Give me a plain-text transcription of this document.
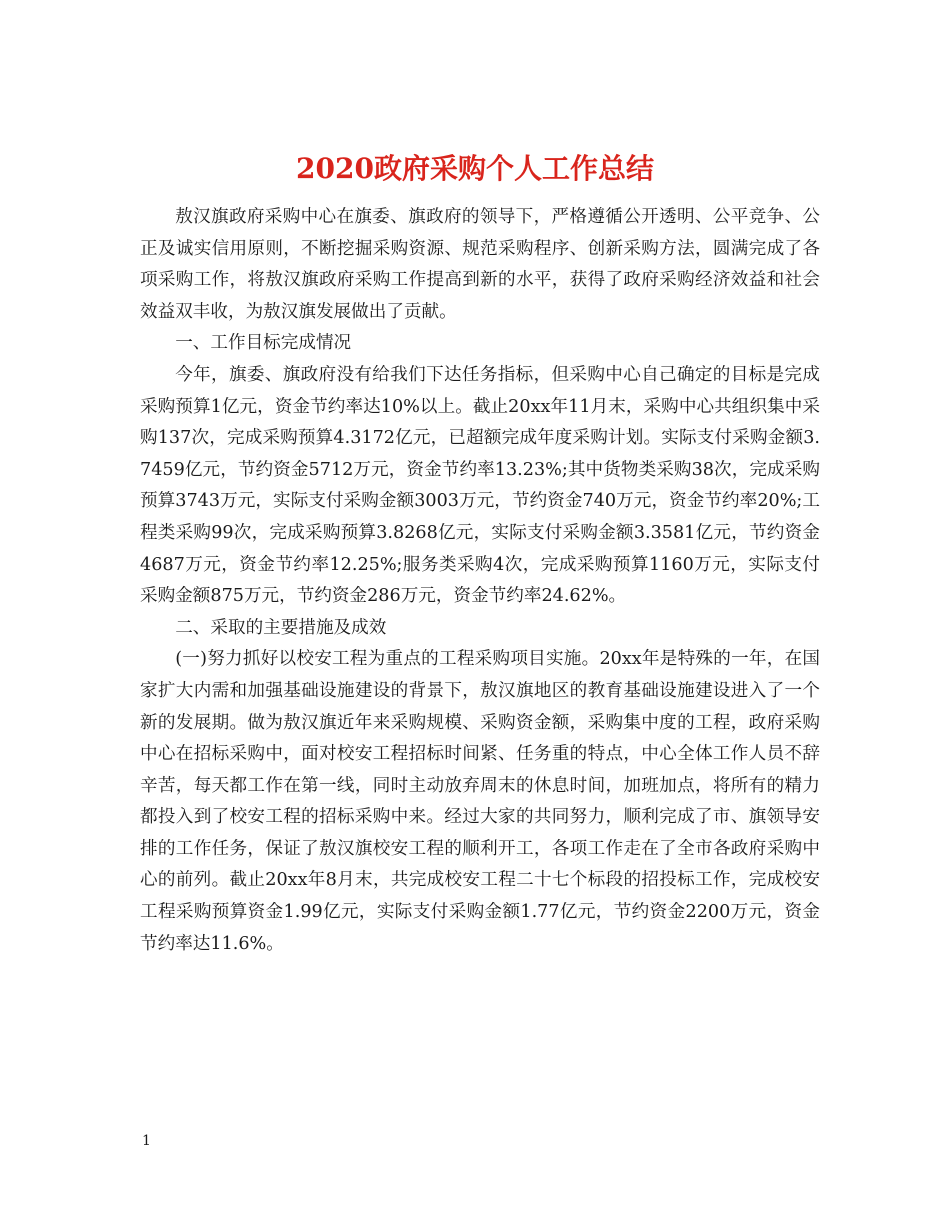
2020政府采购个人工作总结

敖汉旗政府采购中心在旗委、旗政府的领导下，严格遵循公开透明、公平竞争、公正及诚实信用原则，不断挖掘采购资源、规范采购程序、创新采购方法，圆满完成了各项采购工作，将敖汉旗政府采购工作提高到新的水平，获得了政府采购经济效益和社会效益双丰收，为敖汉旗发展做出了贡献。

一、工作目标完成情况

今年，旗委、旗政府没有给我们下达任务指标，但采购中心自己确定的目标是完成采购预算1亿元，资金节约率达10%以上。截止20xx年11月末，采购中心共组织集中采购137次，完成采购预算4.3172亿元，已超额完成年度采购计划。实际支付采购金额3.7459亿元，节约资金5712万元，资金节约率13.23%;其中货物类采购38次，完成采购预算3743万元，实际支付采购金额3003万元，节约资金740万元，资金节约率20%;工程类采购99次，完成采购预算3.8268亿元，实际支付采购金额3.3581亿元，节约资金4687万元，资金节约率12.25%;服务类采购4次，完成采购预算1160万元，实际支付采购金额875万元，节约资金286万元，资金节约率24.62%。

二、采取的主要措施及成效

(一)努力抓好以校安工程为重点的工程采购项目实施。20xx年是特殊的一年，在国家扩大内需和加强基础设施建设的背景下，敖汉旗地区的教育基础设施建设进入了一个新的发展期。做为敖汉旗近年来采购规模、采购资金额，采购集中度的工程，政府采购中心在招标采购中，面对校安工程招标时间紧、任务重的特点，中心全体工作人员不辞辛苦，每天都工作在第一线，同时主动放弃周末的休息时间，加班加点，将所有的精力都投入到了校安工程的招标采购中来。经过大家的共同努力，顺利完成了市、旗领导安排的工作任务，保证了敖汉旗校安工程的顺利开工，各项工作走在了全市各政府采购中心的前列。截止20xx年8月末，共完成校安工程二十七个标段的招投标工作，完成校安工程采购预算资金1.99亿元，实际支付采购金额1.77亿元，节约资金2200万元，资金节约率达11.6%。

1
